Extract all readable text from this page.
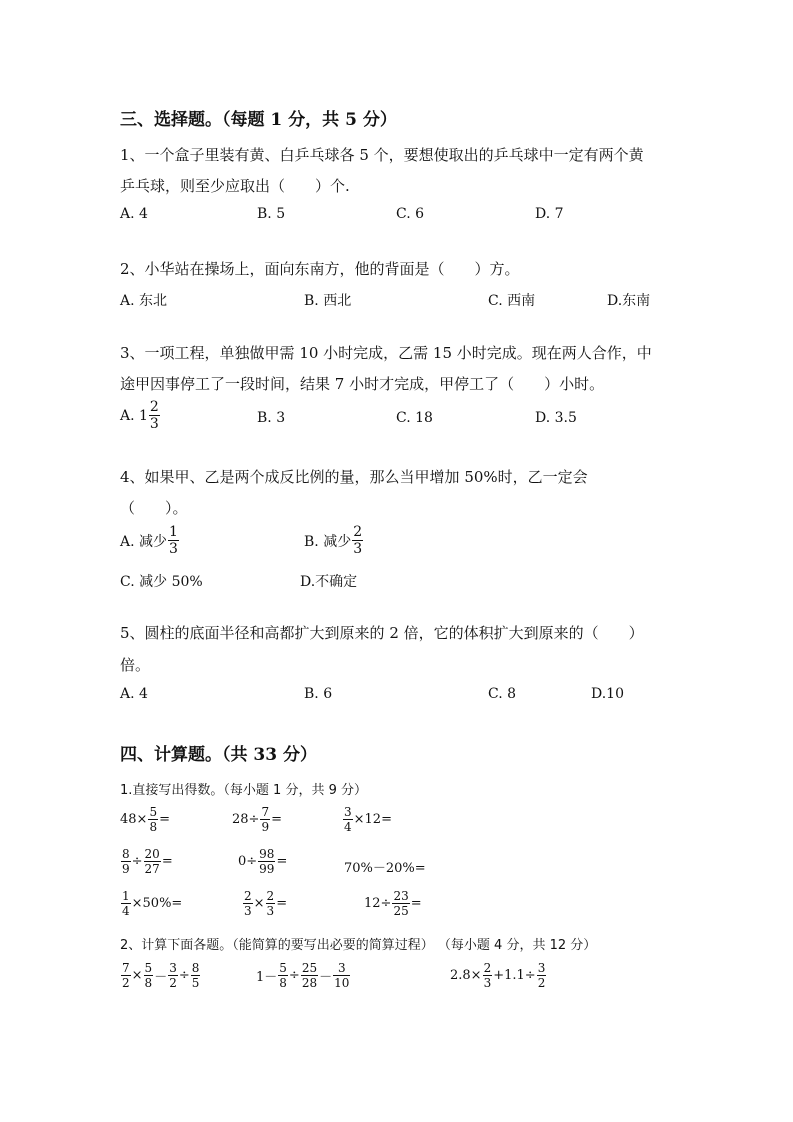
三、选择题。（每题 1 分，共 5 分）
1、一个盒子里装有黄、白乒乓球各 5 个，要想使取出的乒乓球中一定有两个黄
乒乓球，则至少应取出（　　）个.
A. 4	B. 5	C. 6	D. 7
2、小华站在操场上，面向东南方，他的背面是（　　）方。
A. 东北	B. 西北	C. 西南	D.东南
3、一项工程，单独做甲需 10 小时完成，乙需 15 小时完成。现在两人合作，中
途甲因事停工了一段时间，结果 7 小时才完成，甲停工了（　　）小时。
A. $1 \frac{2}{3}$	B. 3	C. 18	D. 3.5
4、如果甲、乙是两个成反比例的量，那么当甲增加 50%时，乙一定会
（　　）。
A. 减少 $\frac{1}{3}$	B. 减少 $\frac{2}{3}$
C. 减少 50%	D.不确定
5、圆柱的底面半径和高都扩大到原来的 2 倍，它的体积扩大到原来的（　　）
倍。
A. 4	B. 6	C. 8	D.10
四、计算题。（共 33 分）
1.直接写出得数。（每小题 1 分，共 9 分）
$48\times \frac{5}{8}$ =	$28\div \frac{7}{9}$ =	$\frac{3}{4} \times 12=$
$\frac{8}{9} \div \frac{20}{27}$ =	$0\div \frac{98}{99}$ =	70%－20%=
$\frac{1}{4} \times 50\%=$	$\frac{2}{3} \times \frac{2}{3}$ =	$12\div \frac{23}{25}$ =
2、计算下面各题。（能简算的要写出必要的简算过程） （每小题 4 分，共 12 分）
$\frac{7}{2} \times \frac{5}{8} - \frac{3}{2} \div \frac{8}{5}$	$1- \frac{5}{8} \div \frac{25}{28} - \frac{3}{10}$	$2.8\times \frac{2}{3} +1.1\div \frac{3}{2}$
